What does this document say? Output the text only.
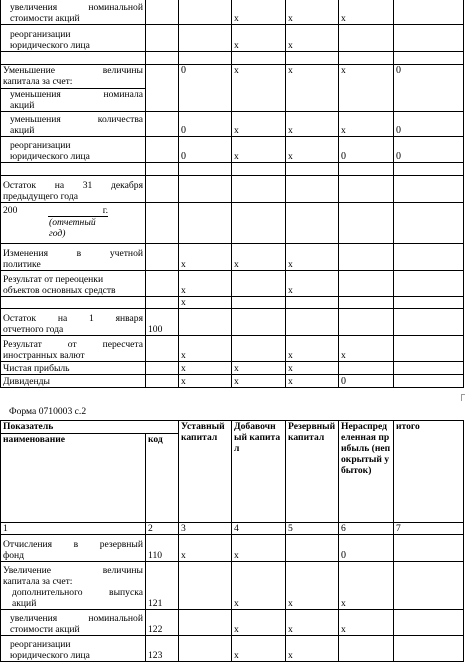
увеличения номинальной
стоимости акций			x	x	x	

реорганизации
юридического лица			x	x		

Уменьшение величины
капитала за счет:		0	x	x	x	0

уменьшения номинала
акций						

уменьшения количества
акций		0	x	x	x	0

реорганизации
юридического лица		0	x	x	0	0

Остаток на 31 декабря
предыдущего года						

200 г.
(отчетный
год)						

Изменения в учетной
политике		x	x	x		

Результат от переоценки
объектов основных средств		x		x		
		x				

Остаток на 1 января
отчетного года	100					

Результат от пересчета
иностранных валют		x		x	x	
Чистая прибыль		x	x	x		
Дивиденды		x	x	x	0	
Форма 0710003 с.2
Показатель		Уставный капитал	Добавочный капитал	Резервный капитал	Нераспределенная прибыль (непокрытый убыток)	итого
наименование	код					
1	2	3	4	5	6	7

Отчисления в резервный
фонд	110	x	x		0	

Увеличение величины
капитала за счет:
дополнительного выпуска
акций	121		x	x	x	

увеличения номинальной
стоимости акций	122		x	x	x	

реорганизации
юридического лица	123		x	x		
